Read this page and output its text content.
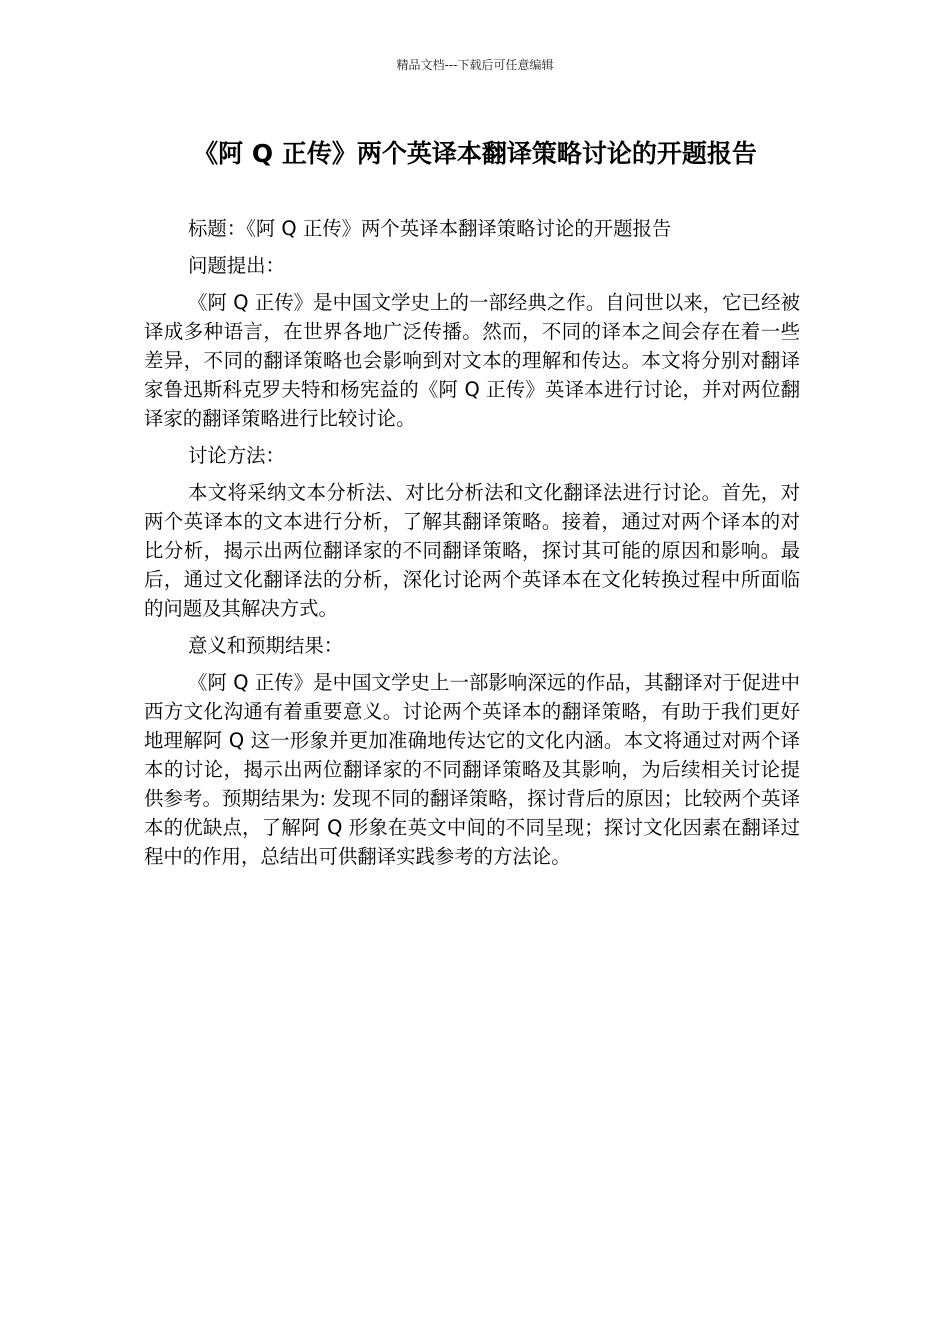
精品文档---下载后可任意编辑
《阿 Q 正传》两个英译本翻译策略讨论的开题报告

标题：《阿 Q 正传》两个英译本翻译策略讨论的开题报告

问题提出：

《阿 Q 正传》是中国文学史上的一部经典之作。自问世以来，它已经被译成多种语言，在世界各地广泛传播。然而，不同的译本之间会存在着一些差异，不同的翻译策略也会影响到对文本的理解和传达。本文将分别对翻译家鲁迅斯科克罗夫特和杨宪益的《阿 Q 正传》英译本进行讨论，并对两位翻译家的翻译策略进行比较讨论。

讨论方法：

本文将采纳文本分析法、对比分析法和文化翻译法进行讨论。首先，对两个英译本的文本进行分析，了解其翻译策略。接着，通过对两个译本的对比分析，揭示出两位翻译家的不同翻译策略，探讨其可能的原因和影响。最后，通过文化翻译法的分析，深化讨论两个英译本在文化转换过程中所面临的问题及其解决方式。

意义和预期结果：

《阿 Q 正传》是中国文学史上一部影响深远的作品，其翻译对于促进中西方文化沟通有着重要意义。讨论两个英译本的翻译策略，有助于我们更好地理解阿 Q 这一形象并更加准确地传达它的文化内涵。本文将通过对两个译本的讨论，揭示出两位翻译家的不同翻译策略及其影响，为后续相关讨论提供参考。预期结果为: 发现不同的翻译策略，探讨背后的原因；比较两个英译本的优缺点，了解阿 Q 形象在英文中间的不同呈现；探讨文化因素在翻译过程中的作用，总结出可供翻译实践参考的方法论。
